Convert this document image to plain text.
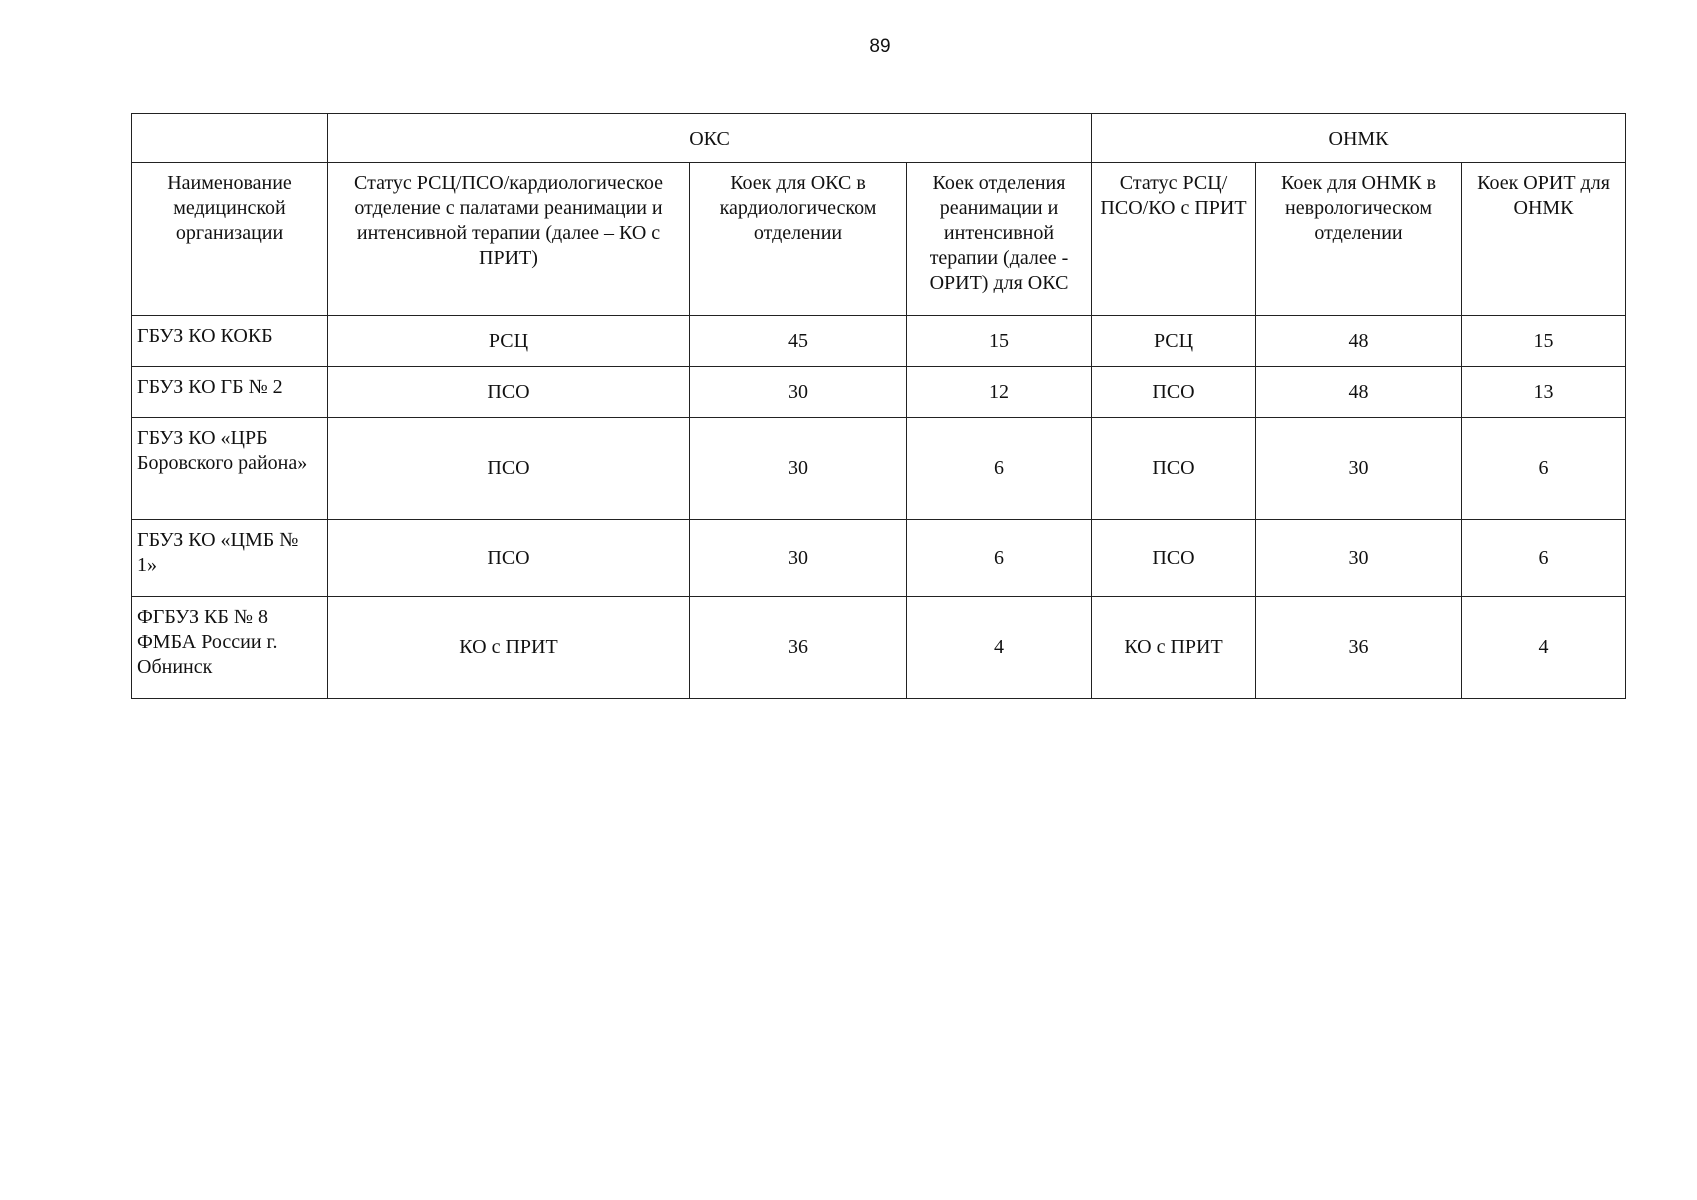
89
	ОКС			ОНМК		
Наименование медицинской организации	Статус РСЦ/ПСО/кардиологическое отделение с палатами реанимации и интенсивной терапии (далее – КО с ПРИТ)	Коек для ОКС в кардиологическом отделении	Коек отделения реанимации и интенсивной терапии (далее - ОРИТ) для ОКС	Статус РСЦ/ПСО/КО с ПРИТ	Коек для ОНМК в неврологическом отделении	Коек ОРИТ для ОНМК
ГБУЗ КО КОКБ	РСЦ	45	15	РСЦ	48	15
ГБУЗ КО ГБ № 2	ПСО	30	12	ПСО	48	13
ГБУЗ КО «ЦРБ Боровского района»	ПСО	30	6	ПСО	30	6
ГБУЗ КО «ЦМБ № 1»	ПСО	30	6	ПСО	30	6
ФГБУЗ КБ № 8 ФМБА России г. Обнинск	КО с ПРИТ	36	4	КО с ПРИТ	36	4
